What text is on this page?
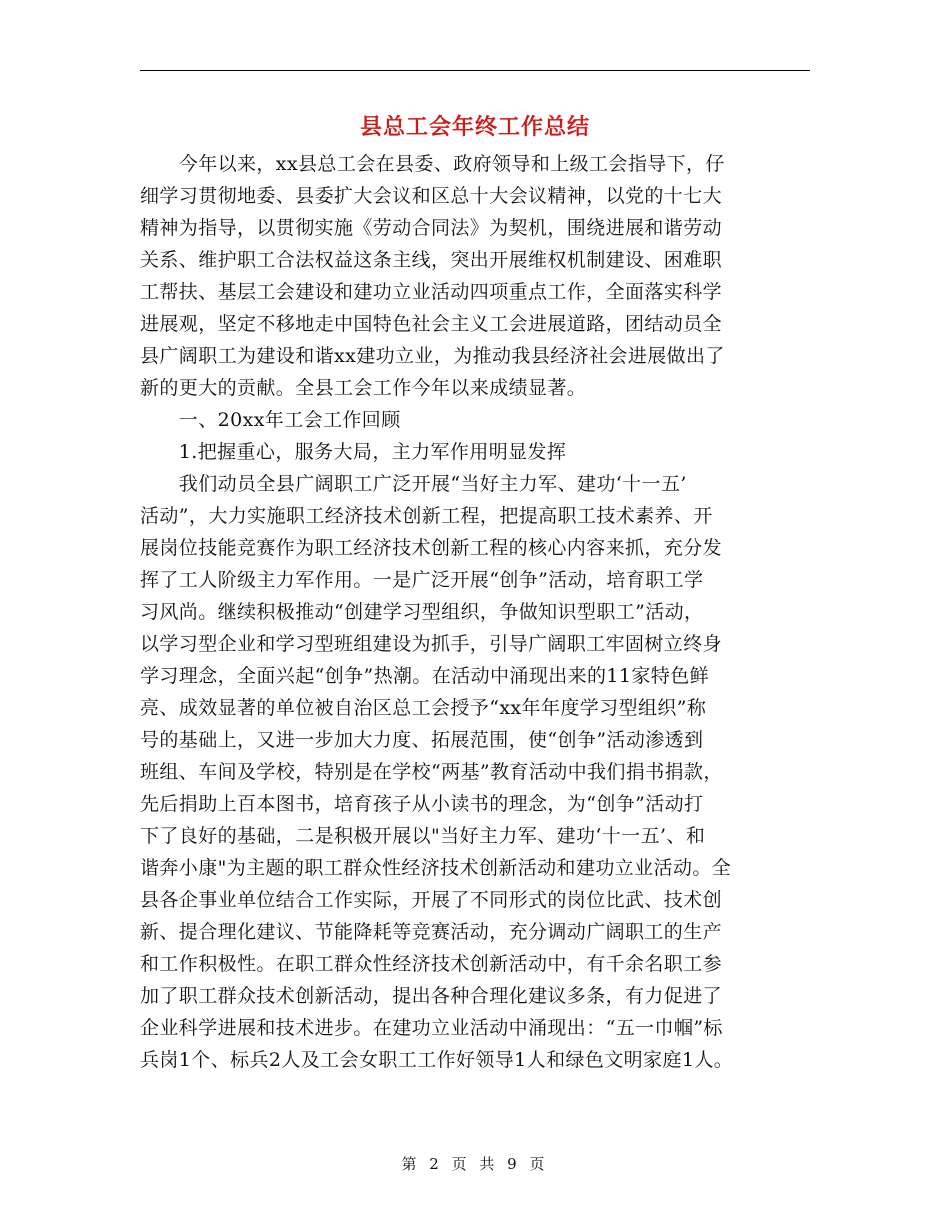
县总工会年终工作总结
　　今年以来，xx县总工会在县委、政府领导和上级工会指导下，仔
细学习贯彻地委、县委扩大会议和区总十大会议精神，以党的十七大
精神为指导，以贯彻实施《劳动合同法》为契机，围绕进展和谐劳动
关系、维护职工合法权益这条主线，突出开展维权机制建设、困难职
工帮扶、基层工会建设和建功立业活动四项重点工作，全面落实科学
进展观，坚定不移地走中国特色社会主义工会进展道路，团结动员全
县广阔职工为建设和谐xx建功立业，为推动我县经济社会进展做出了
新的更大的贡献。全县工会工作今年以来成绩显著。
　　一、20xx年工会工作回顾
　　1.把握重心，服务大局，主力军作用明显发挥
　　我们动员全县广阔职工广泛开展“当好主力军、建功‘十一五’
活动”，大力实施职工经济技术创新工程，把提高职工技术素养、开
展岗位技能竞赛作为职工经济技术创新工程的核心内容来抓，充分发
挥了工人阶级主力军作用。一是广泛开展“创争”活动，培育职工学
习风尚。继续积极推动“创建学习型组织，争做知识型职工”活动，
以学习型企业和学习型班组建设为抓手，引导广阔职工牢固树立终身
学习理念，全面兴起“创争”热潮。在活动中涌现出来的11家特色鲜
亮、成效显著的单位被自治区总工会授予“xx年年度学习型组织”称
号的基础上，又进一步加大力度、拓展范围，使“创争”活动渗透到
班组、车间及学校，特别是在学校“两基”教育活动中我们捐书捐款，
先后捐助上百本图书，培育孩子从小读书的理念，为“创争”活动打
下了良好的基础，二是积极开展以"当好主力军、建功‘十一五’、和
谐奔小康"为主题的职工群众性经济技术创新活动和建功立业活动。全
县各企事业单位结合工作实际，开展了不同形式的岗位比武、技术创
新、提合理化建议、节能降耗等竞赛活动，充分调动广阔职工的生产
和工作积极性。在职工群众性经济技术创新活动中，有千余名职工参
加了职工群众技术创新活动，提出各种合理化建议多条，有力促进了
企业科学进展和技术进步。在建功立业活动中涌现出：“五一巾帼”标
兵岗1个、标兵2人及工会女职工工作好领导1人和绿色文明家庭1人。
第 2 页 共 9 页
